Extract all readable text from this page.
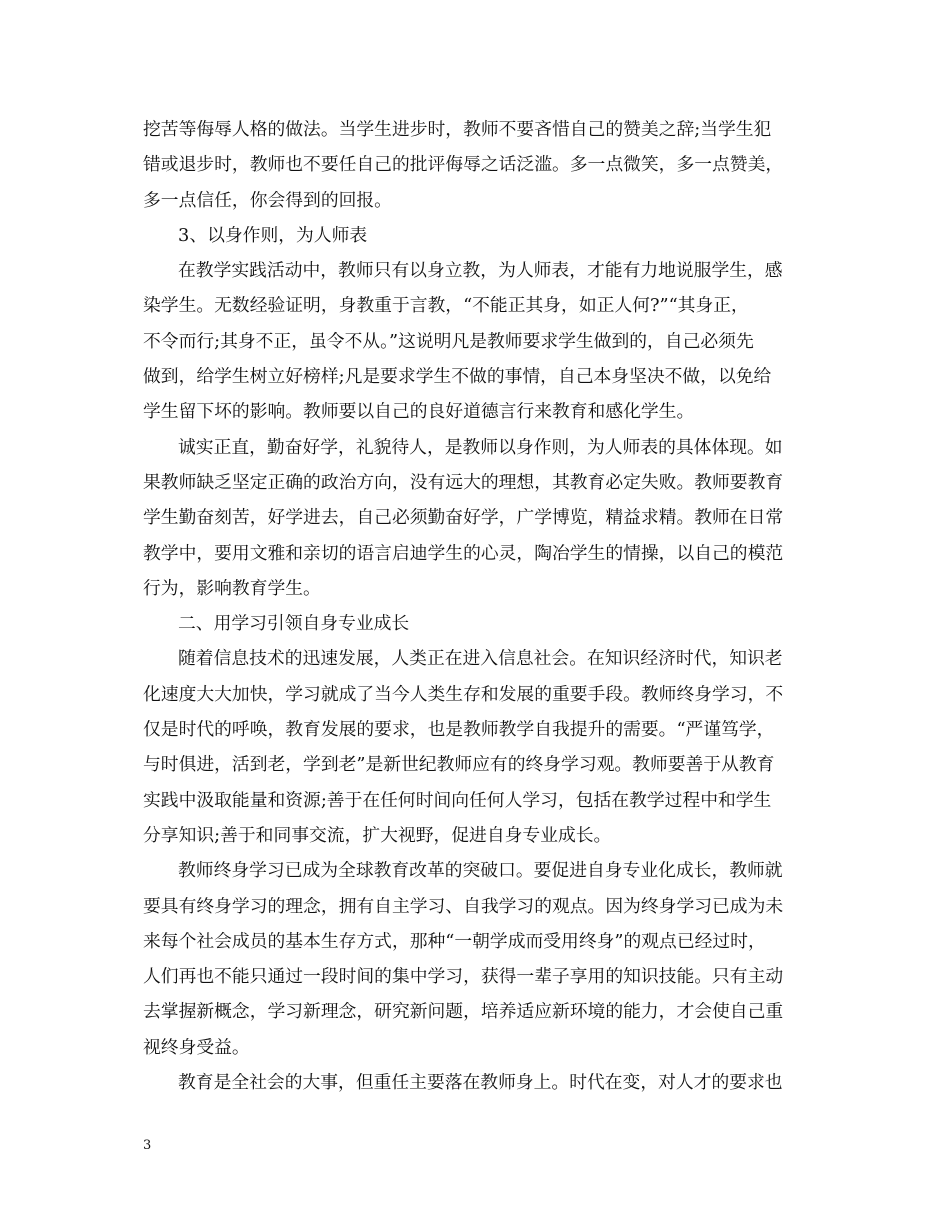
挖苦等侮辱人格的做法。当学生进步时，教师不要吝惜自己的赞美之辞;当学生犯
错或退步时，教师也不要任自己的批评侮辱之话泛滥。多一点微笑，多一点赞美，
多一点信任，你会得到的回报。
3、以身作则，为人师表
在教学实践活动中，教师只有以身立教，为人师表，才能有力地说服学生，感
染学生。无数经验证明，身教重于言教，“不能正其身，如正人何?”“其身正，
不令而行;其身不正，虽令不从。”这说明凡是教师要求学生做到的，自己必须先
做到，给学生树立好榜样;凡是要求学生不做的事情，自己本身坚决不做，以免给
学生留下坏的影响。教师要以自己的良好道德言行来教育和感化学生。
诚实正直，勤奋好学，礼貌待人，是教师以身作则，为人师表的具体体现。如
果教师缺乏坚定正确的政治方向，没有远大的理想，其教育必定失败。教师要教育
学生勤奋刻苦，好学进去，自己必须勤奋好学，广学博览，精益求精。教师在日常
教学中，要用文雅和亲切的语言启迪学生的心灵，陶冶学生的情操，以自己的模范
行为，影响教育学生。
二、用学习引领自身专业成长
随着信息技术的迅速发展，人类正在进入信息社会。在知识经济时代，知识老
化速度大大加快，学习就成了当今人类生存和发展的重要手段。教师终身学习，不
仅是时代的呼唤，教育发展的要求，也是教师教学自我提升的需要。“严谨笃学，
与时俱进，活到老，学到老”是新世纪教师应有的终身学习观。教师要善于从教育
实践中汲取能量和资源;善于在任何时间向任何人学习，包括在教学过程中和学生
分享知识;善于和同事交流，扩大视野，促进自身专业成长。
教师终身学习已成为全球教育改革的突破口。要促进自身专业化成长，教师就
要具有终身学习的理念，拥有自主学习、自我学习的观点。因为终身学习已成为未
来每个社会成员的基本生存方式，那种“一朝学成而受用终身”的观点已经过时，
人们再也不能只通过一段时间的集中学习，获得一辈子享用的知识技能。只有主动
去掌握新概念，学习新理念，研究新问题，培养适应新环境的能力，才会使自己重
视终身受益。
教育是全社会的大事，但重任主要落在教师身上。时代在变，对人才的要求也
3
